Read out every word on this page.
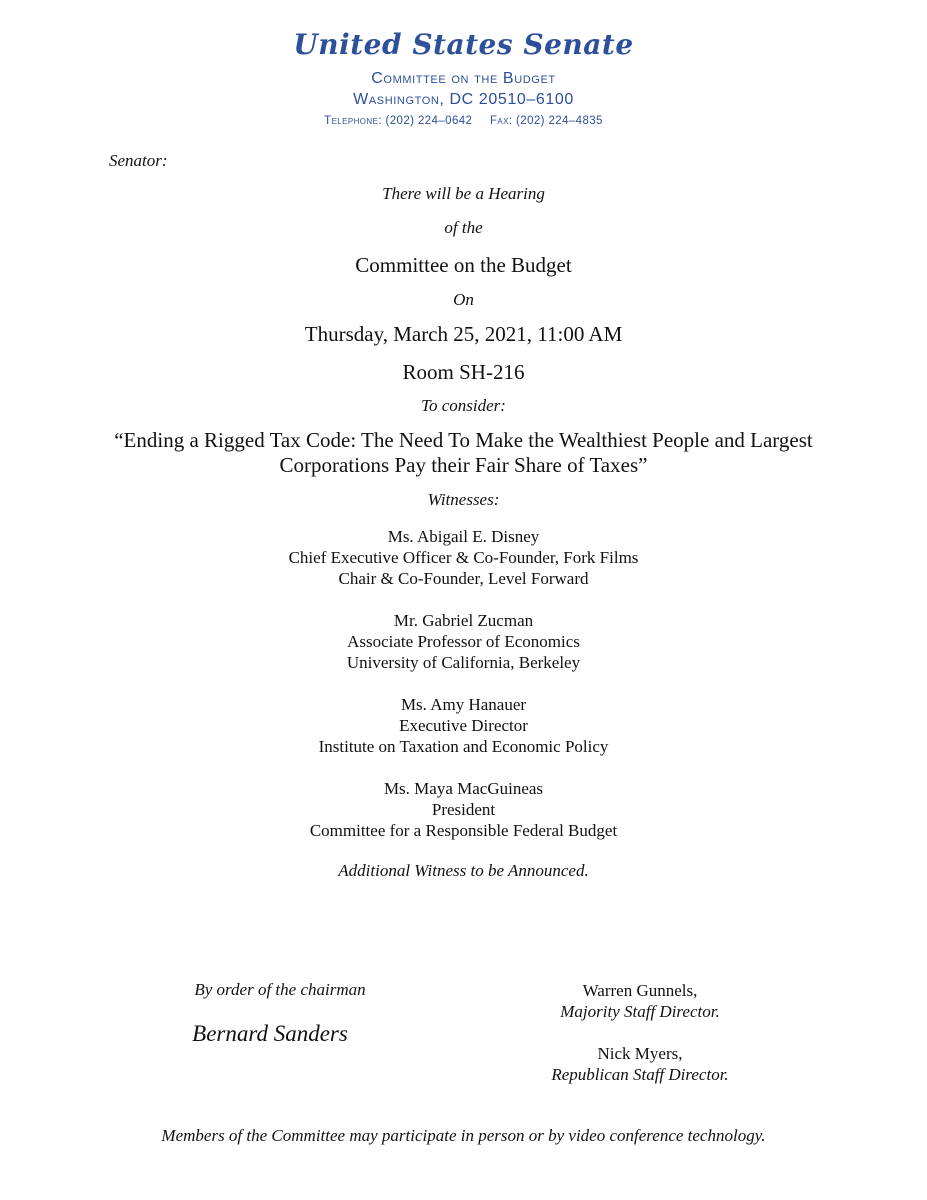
United States Senate
Committee on the Budget
Washington, DC 20510–6100
Telephone: (202) 224–0642 Fax: (202) 224–4835
Senator:
There will be a Hearing
of the
Committee on the Budget
On
Thursday, March 25, 2021, 11:00 AM
Room SH-216
To consider:
“Ending a Rigged Tax Code: The Need To Make the Wealthiest People and Largest
Corporations Pay their Fair Share of Taxes”
Witnesses:
Ms. Abigail E. Disney
Chief Executive Officer & Co-Founder, Fork Films
Chair & Co-Founder, Level Forward
Mr. Gabriel Zucman
Associate Professor of Economics
University of California, Berkeley
Ms. Amy Hanauer
Executive Director
Institute on Taxation and Economic Policy
Ms. Maya MacGuineas
President
Committee for a Responsible Federal Budget
Additional Witness to be Announced.
By order of the chairman
Bernard Sanders
Warren Gunnels,
Majority Staff Director.
Nick Myers,
Republican Staff Director.
Members of the Committee may participate in person or by video conference technology.
